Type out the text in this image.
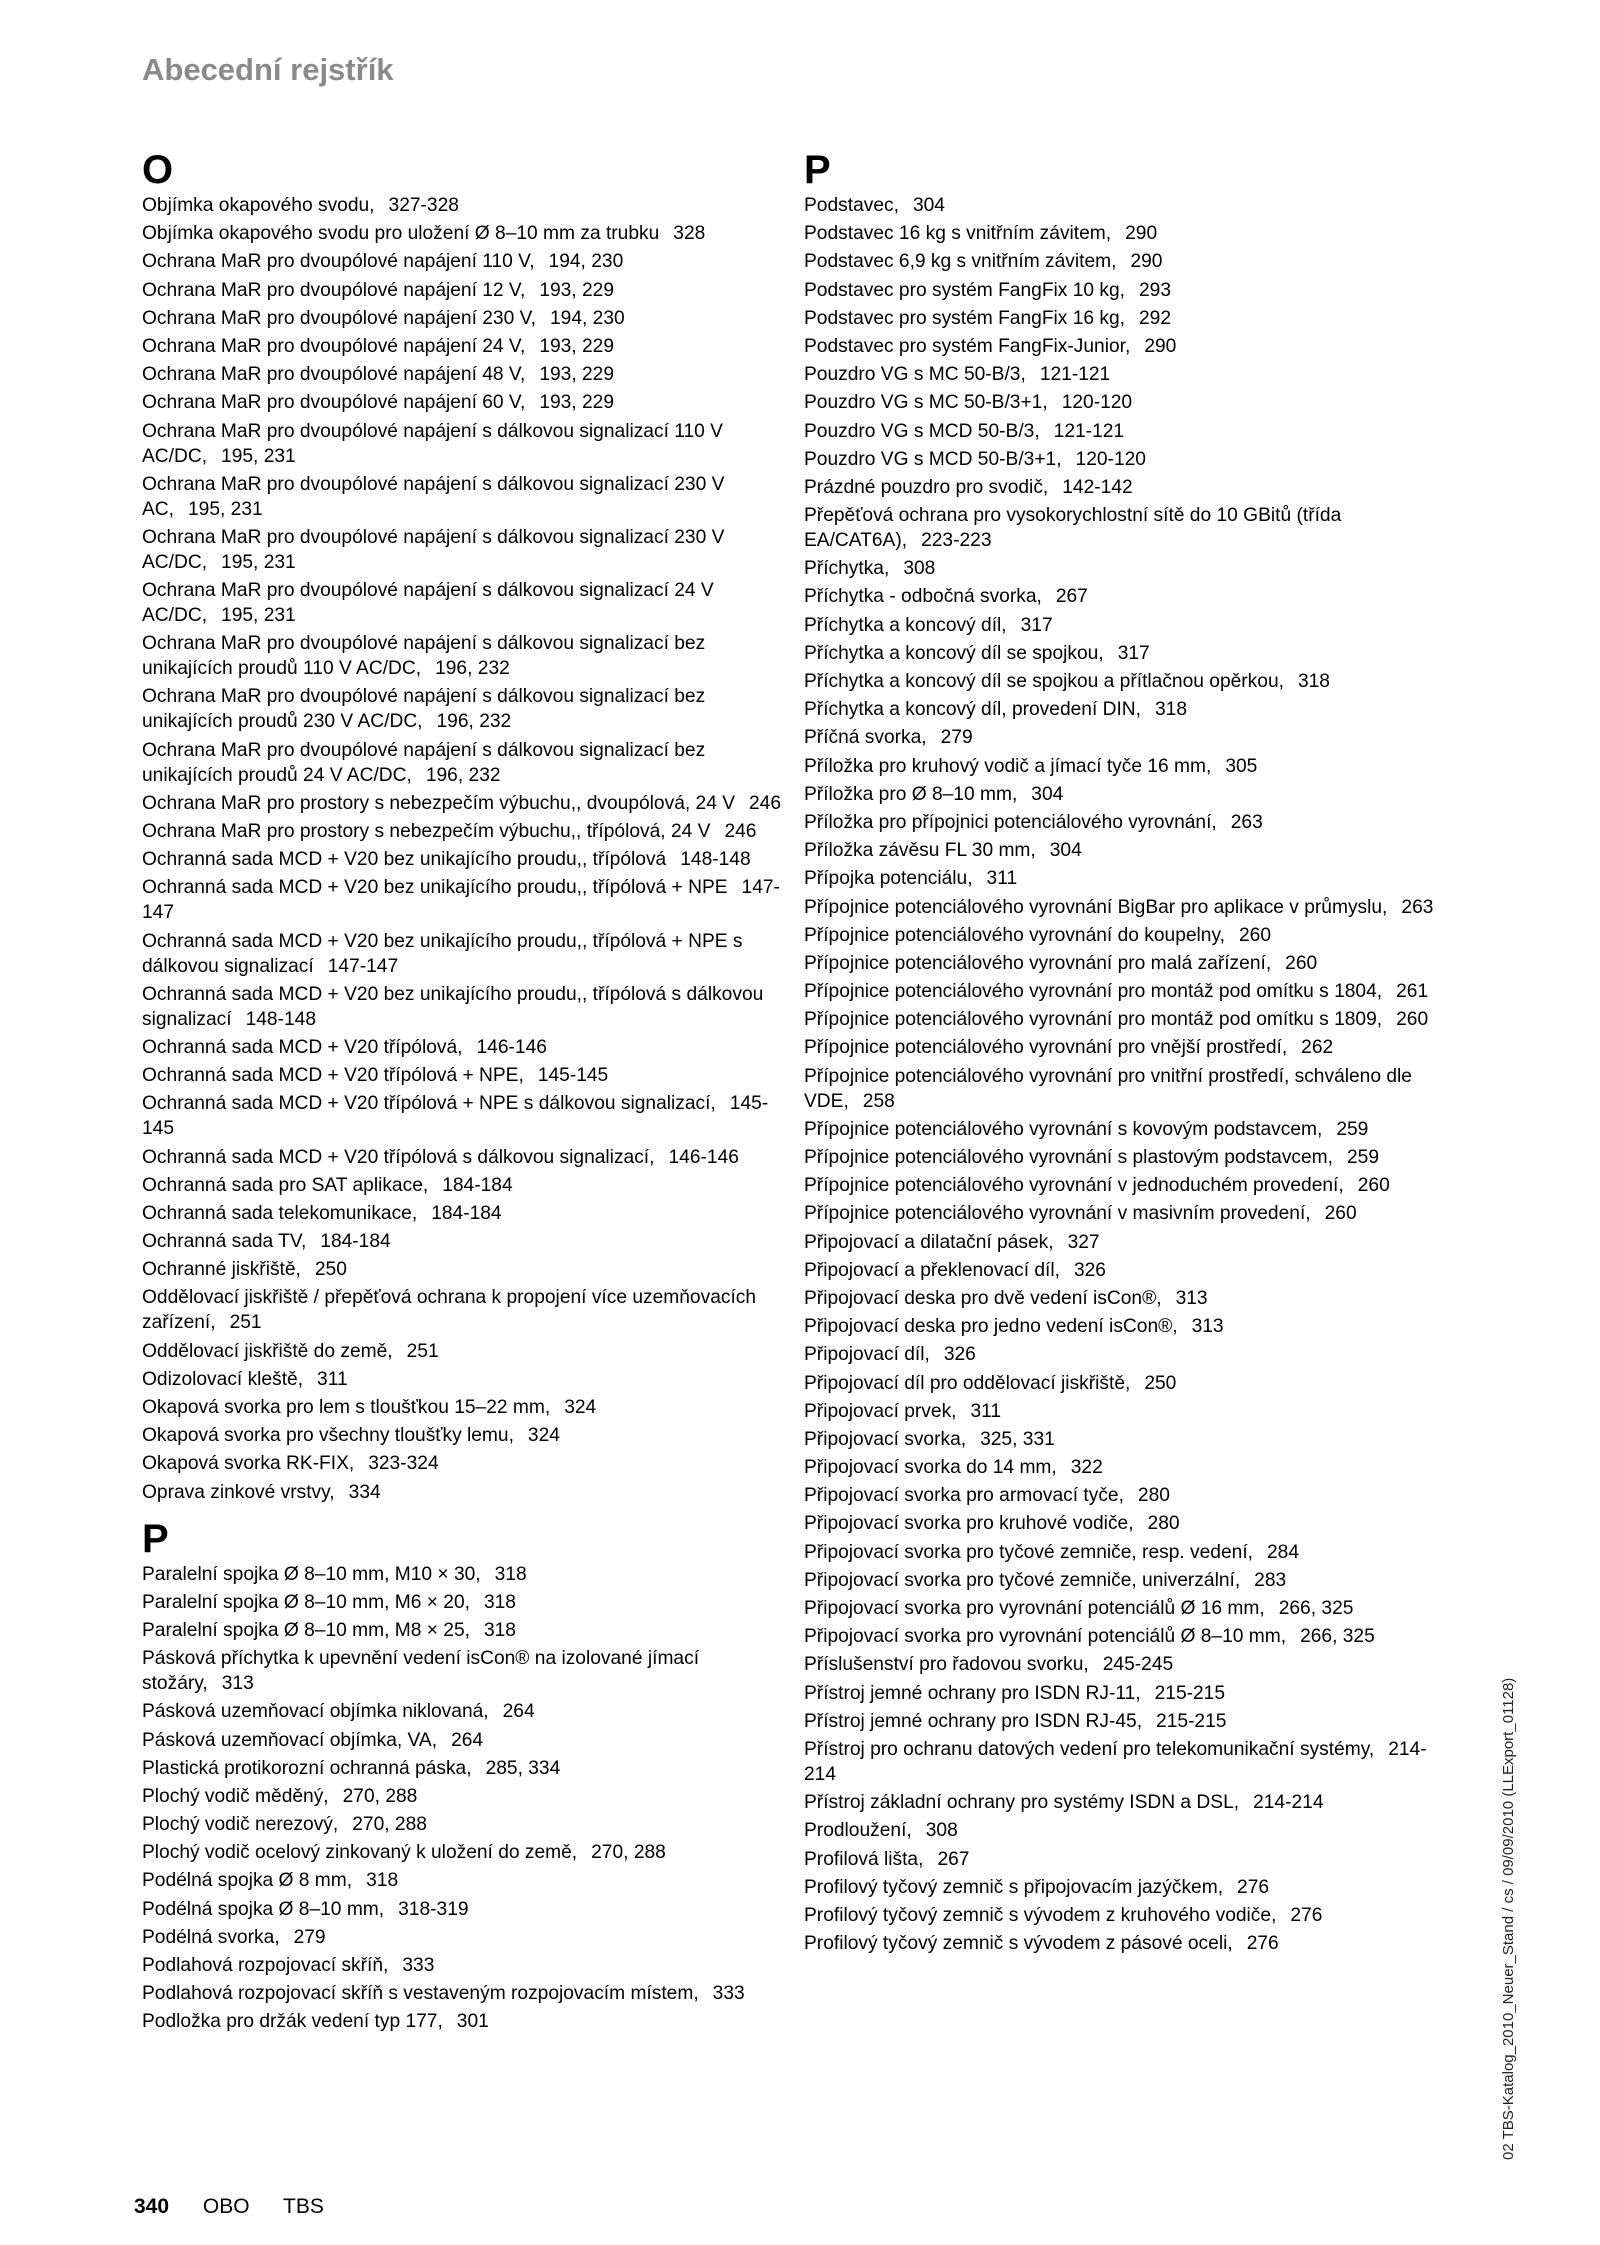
Abecední rejstřík
O
Objímka okapového svodu, 327-328
Objímka okapového svodu pro uložení Ø 8–10 mm za trubku 328
Ochrana MaR pro dvoupólové napájení 110 V, 194, 230
Ochrana MaR pro dvoupólové napájení 12 V, 193, 229
Ochrana MaR pro dvoupólové napájení 230 V, 194, 230
Ochrana MaR pro dvoupólové napájení 24 V, 193, 229
Ochrana MaR pro dvoupólové napájení 48 V, 193, 229
Ochrana MaR pro dvoupólové napájení 60 V, 193, 229
Ochrana MaR pro dvoupólové napájení s dálkovou signalizací 110 V AC/DC, 195, 231
Ochrana MaR pro dvoupólové napájení s dálkovou signalizací 230 V AC, 195, 231
Ochrana MaR pro dvoupólové napájení s dálkovou signalizací 230 V AC/DC, 195, 231
Ochrana MaR pro dvoupólové napájení s dálkovou signalizací 24 V AC/DC, 195, 231
Ochrana MaR pro dvoupólové napájení s dálkovou signalizací bez unikajících proudů 110 V AC/DC, 196, 232
Ochrana MaR pro dvoupólové napájení s dálkovou signalizací bez unikajících proudů 230 V AC/DC, 196, 232
Ochrana MaR pro dvoupólové napájení s dálkovou signalizací bez unikajících proudů 24 V AC/DC, 196, 232
Ochrana MaR pro prostory s nebezpečím výbuchu,, dvoupólová, 24 V 246
Ochrana MaR pro prostory s nebezpečím výbuchu,, třípólová, 24 V 246
Ochranná sada MCD + V20 bez unikajícího proudu,, třípólová 148-148
Ochranná sada MCD + V20 bez unikajícího proudu,, třípólová + NPE 147-147
Ochranná sada MCD + V20 bez unikajícího proudu,, třípólová + NPE s dálkovou signalizací 147-147
Ochranná sada MCD + V20 bez unikajícího proudu,, třípólová s dálkovou signalizací 148-148
Ochranná sada MCD + V20 třípólová, 146-146
Ochranná sada MCD + V20 třípólová + NPE, 145-145
Ochranná sada MCD + V20 třípólová + NPE s dálkovou signalizací, 145-145
Ochranná sada MCD + V20 třípólová s dálkovou signalizací, 146-146
Ochranná sada pro SAT aplikace, 184-184
Ochranná sada telekomunikace, 184-184
Ochranná sada TV, 184-184
Ochranné jiskřiště, 250
Oddělovací jiskřiště / přepěťová ochrana k propojení více uzemňovacích zařízení, 251
Oddělovací jiskřiště do země, 251
Odizolovací kleště, 311
Okapová svorka pro lem s tloušťkou 15–22 mm, 324
Okapová svorka pro všechny tloušťky lemu, 324
Okapová svorka RK-FIX, 323-324
Oprava zinkové vrstvy, 334
P
Paralelní spojka Ø 8–10 mm, M10 × 30, 318
Paralelní spojka Ø 8–10 mm, M6 × 20, 318
Paralelní spojka Ø 8–10 mm, M8 × 25, 318
Pásková příchytka k upevnění vedení isCon® na izolované jímací stožáry, 313
Pásková uzemňovací objímka niklovaná, 264
Pásková uzemňovací objímka, VA, 264
Plastická protikorozní ochranná páska, 285, 334
Plochý vodič měděný, 270, 288
Plochý vodič nerezový, 270, 288
Plochý vodič ocelový zinkovaný k uložení do země, 270, 288
Podélná spojka Ø 8 mm, 318
Podélná spojka Ø 8–10 mm, 318-319
Podélná svorka, 279
Podlahová rozpojovací skříň, 333
Podlahová rozpojovací skříň s vestaveným rozpojovacím místem, 333
Podložka pro držák vedení typ 177, 301
P
Podstavec, 304
Podstavec 16 kg s vnitřním závitem, 290
Podstavec 6,9 kg s vnitřním závitem, 290
Podstavec pro systém FangFix 10 kg, 293
Podstavec pro systém FangFix 16 kg, 292
Podstavec pro systém FangFix-Junior, 290
Pouzdro VG s MC 50-B/3, 121-121
Pouzdro VG s MC 50-B/3+1, 120-120
Pouzdro VG s MCD 50-B/3, 121-121
Pouzdro VG s MCD 50-B/3+1, 120-120
Prázdné pouzdro pro svodič, 142-142
Přepěťová ochrana pro vysokorychlostní sítě do 10 GBitů (třída EA/CAT6A), 223-223
Příchytka, 308
Příchytka - odbočná svorka, 267
Příchytka a koncový díl, 317
Příchytka a koncový díl se spojkou, 317
Příchytka a koncový díl se spojkou a přítlačnou opěrkou, 318
Příchytka a koncový díl, provedení DIN, 318
Příčná svorka, 279
Příložka pro kruhový vodič a jímací tyče 16 mm, 305
Příložka pro Ø 8–10 mm, 304
Příložka pro přípojnici potenciálového vyrovnání, 263
Příložka závěsu FL 30 mm, 304
Přípojka potenciálu, 311
Přípojnice potenciálového vyrovnání BigBar pro aplikace v průmyslu, 263
Přípojnice potenciálového vyrovnání do koupelny, 260
Přípojnice potenciálového vyrovnání pro malá zařízení, 260
Přípojnice potenciálového vyrovnání pro montáž pod omítku s 1804, 261
Přípojnice potenciálového vyrovnání pro montáž pod omítku s 1809, 260
Přípojnice potenciálového vyrovnání pro vnější prostředí, 262
Přípojnice potenciálového vyrovnání pro vnitřní prostředí, schváleno dle VDE, 258
Přípojnice potenciálového vyrovnání s kovovým podstavcem, 259
Přípojnice potenciálového vyrovnání s plastovým podstavcem, 259
Přípojnice potenciálového vyrovnání v jednoduchém provedení, 260
Přípojnice potenciálového vyrovnání v masivním provedení, 260
Připojovací a dilatační pásek, 327
Připojovací a překlenovací díl, 326
Připojovací deska pro dvě vedení isCon®, 313
Připojovací deska pro jedno vedení isCon®, 313
Připojovací díl, 326
Připojovací díl pro oddělovací jiskřiště, 250
Připojovací prvek, 311
Připojovací svorka, 325, 331
Připojovací svorka do 14 mm, 322
Připojovací svorka pro armovací tyče, 280
Připojovací svorka pro kruhové vodiče, 280
Připojovací svorka pro tyčové zemniče, resp. vedení, 284
Připojovací svorka pro tyčové zemniče, univerzální, 283
Připojovací svorka pro vyrovnání potenciálů Ø 16 mm, 266, 325
Připojovací svorka pro vyrovnání potenciálů Ø 8–10 mm, 266, 325
Příslušenství pro řadovou svorku, 245-245
Přístroj jemné ochrany pro ISDN RJ-11, 215-215
Přístroj jemné ochrany pro ISDN RJ-45, 215-215
Přístroj pro ochranu datových vedení pro telekomunikační systémy, 214-214
Přístroj základní ochrany pro systémy ISDN a DSL, 214-214
Prodloužení, 308
Profilová lišta, 267
Profilový tyčový zemnič s připojovacím jazýčkem, 276
Profilový tyčový zemnič s vývodem z kruhového vodiče, 276
Profilový tyčový zemnič s vývodem z pásové oceli, 276
340 OBO TBS
02 TBS-Katalog_2010_Neuer_Stand / cs / 09/09/2010 (LLExport_01128)
